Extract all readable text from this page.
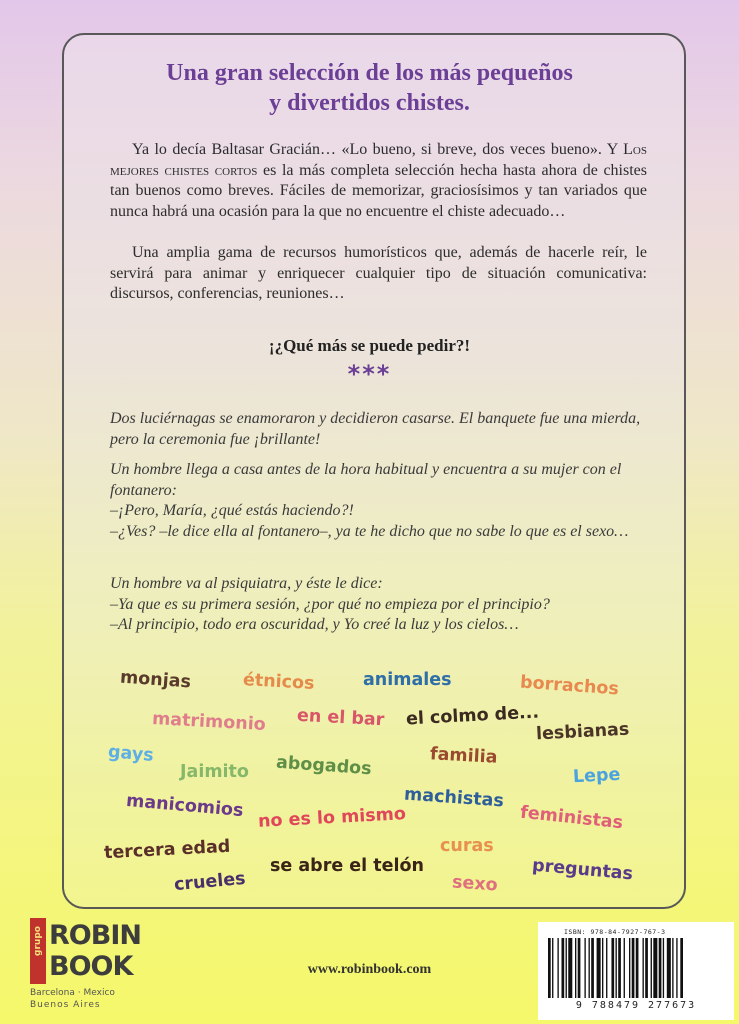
Una gran selección de los más pequeños
y divertidos chistes.

Ya lo decía Baltasar Gracián… «Lo bueno, si breve, dos veces bueno». Y Los mejores chistes cortos es la más completa selección hecha hasta ahora de chistes tan buenos como breves. Fáciles de memorizar, graciosísimos y tan variados que nunca habrá una ocasión para la que no encuentre el chiste adecuado…

Una amplia gama de recursos humorísticos que, además de hacerle reír, le servirá para animar y enriquecer cualquier tipo de situación comunicativa: discursos, conferencias, reuniones…

¡¿Qué más se puede pedir?!

***

Dos luciérnagas se enamoraron y decidieron casarse. El banquete fue una mierda, pero la ceremonia fue ¡brillante!

Un hombre llega a casa antes de la hora habitual y encuentra a su mujer con el fontanero:
–¡Pero, María, ¿qué estás haciendo?!
–¿Ves? –le dice ella al fontanero–, ya te he dicho que no sabe lo que es el sexo…

Un hombre va al psiquiatra, y éste le dice:
–Ya que es su primera sesión, ¿por qué no empieza por el principio?
–Al principio, todo era oscuridad, y Yo creé la luz y los cielos…

monjas	étnicos	animales	borrachos
matrimonio en el bar el colmo de...
lesbianas
gays
Jaimito abogados	familia
Lepe
manicomios no es lo mismo
machistas
feministas
tercera edad
se abre el telón
curas
preguntas
crueles	sexo
grupo ROBIN
BOOK
Barcelona · Mexico
Buenos Aires

www.robinbook.com

ISBN: 978-84-7927-767-3
9 788479 277673
